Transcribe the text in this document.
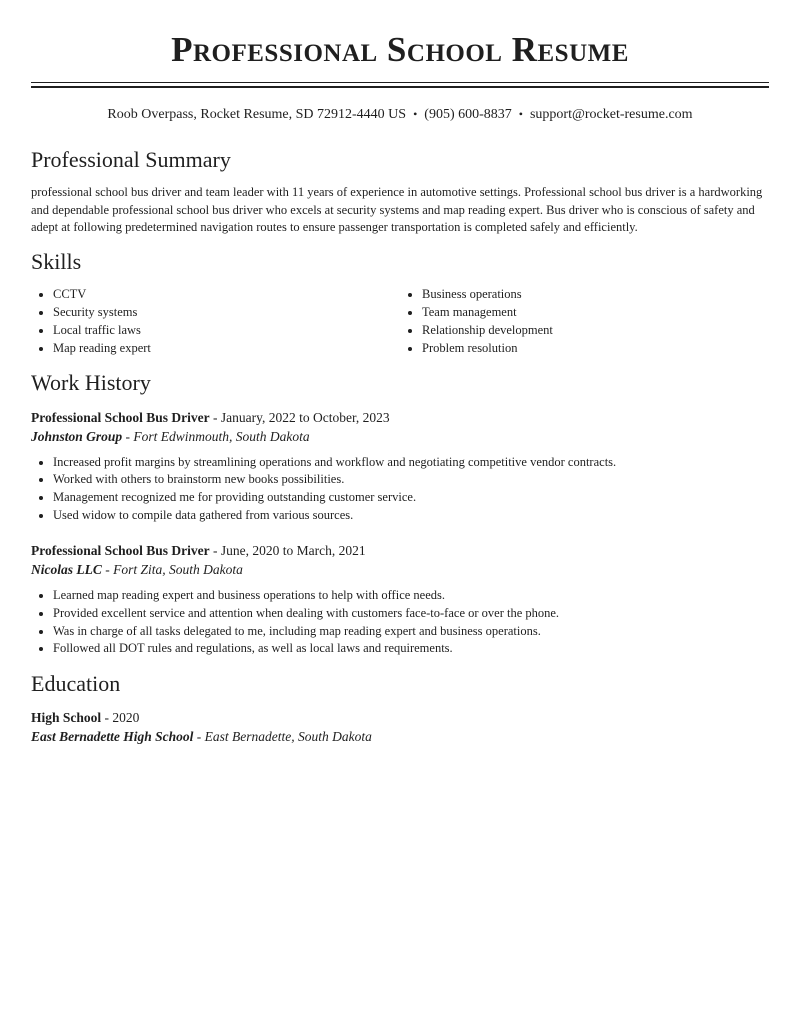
Professional School Resume
Roob Overpass, Rocket Resume, SD 72912-4440 US • (905) 600-8837 • support@rocket-resume.com
Professional Summary
professional school bus driver and team leader with 11 years of experience in automotive settings. Professional school bus driver is a hardworking and dependable professional school bus driver who excels at security systems and map reading expert. Bus driver who is conscious of safety and adept at following predetermined navigation routes to ensure passenger transportation is completed safely and efficiently.
Skills
• CCTV
• Security systems
• Local traffic laws
• Map reading expert
• Business operations
• Team management
• Relationship development
• Problem resolution
Work History
Professional School Bus Driver - January, 2022 to October, 2023
Johnston Group - Fort Edwinmouth, South Dakota
• Increased profit margins by streamlining operations and workflow and negotiating competitive vendor contracts.
• Worked with others to brainstorm new books possibilities.
• Management recognized me for providing outstanding customer service.
• Used widow to compile data gathered from various sources.
Professional School Bus Driver - June, 2020 to March, 2021
Nicolas LLC - Fort Zita, South Dakota
• Learned map reading expert and business operations to help with office needs.
• Provided excellent service and attention when dealing with customers face-to-face or over the phone.
• Was in charge of all tasks delegated to me, including map reading expert and business operations.
• Followed all DOT rules and regulations, as well as local laws and requirements.
Education
High School - 2020
East Bernadette High School - East Bernadette, South Dakota
